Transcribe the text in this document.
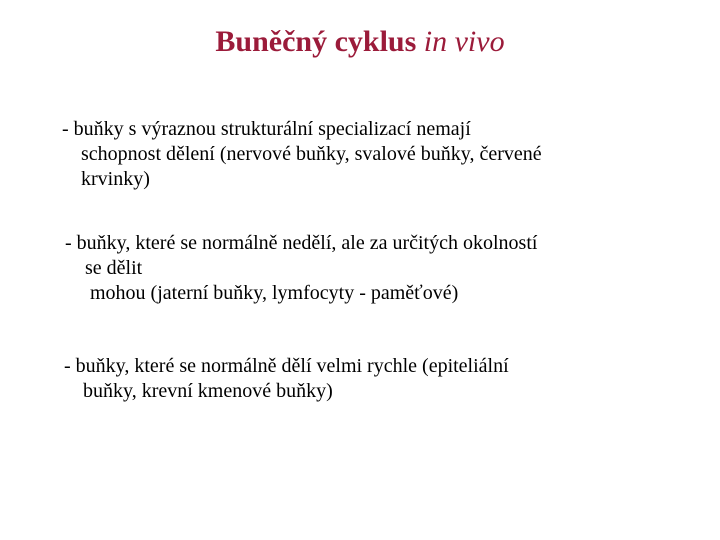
Buněčný cyklus in vivo
- buňky s výraznou strukturální specializací nemají
schopnost dělení (nervové buňky, svalové buňky, červené
krvinky)
- buňky, které se normálně nedělí, ale za určitých okolností
se dělit
mohou (jaterní buňky, lymfocyty - paměťové)
- buňky, které se normálně dělí velmi rychle (epiteliální
buňky, krevní kmenové buňky)
